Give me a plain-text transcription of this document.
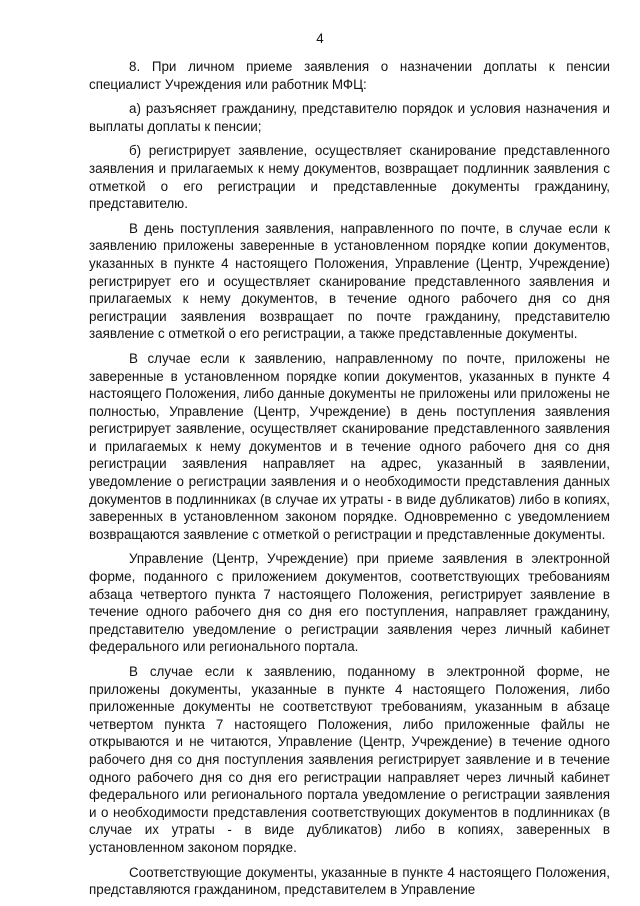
4

8. При личном приеме заявления о назначении доплаты к пенсии специалист Учреждения или работник МФЦ:

а) разъясняет гражданину, представителю порядок и условия назначения и выплаты доплаты к пенсии;

б) регистрирует заявление, осуществляет сканирование представленного заявления и прилагаемых к нему документов, возвращает подлинник заявления с отметкой о его регистрации и представленные документы гражданину, представителю.

В день поступления заявления, направленного по почте, в случае если к заявлению приложены заверенные в установленном порядке копии документов, указанных в пункте 4 настоящего Положения, Управление (Центр, Учреждение) регистрирует его и осуществляет сканирование представленного заявления и прилагаемых к нему документов, в течение одного рабочего дня со дня регистрации заявления возвращает по почте гражданину, представителю заявление с отметкой о его регистрации, а также представленные документы.

В случае если к заявлению, направленному по почте, приложены не заверенные в установленном порядке копии документов, указанных в пункте 4 настоящего Положения, либо данные документы не приложены или приложены не полностью, Управление (Центр, Учреждение) в день поступления заявления регистрирует заявление, осуществляет сканирование представленного заявления и прилагаемых к нему документов и в течение одного рабочего дня со дня регистрации заявления направляет на адрес, указанный в заявлении, уведомление о регистрации заявления и о необходимости представления данных документов в подлинниках (в случае их утраты - в виде дубликатов) либо в копиях, заверенных в установленном законом порядке. Одновременно с уведомлением возвращаются заявление с отметкой о регистрации и представленные документы.

Управление (Центр, Учреждение) при приеме заявления в электронной форме, поданного с приложением документов, соответствующих требованиям абзаца четвертого пункта 7 настоящего Положения, регистрирует заявление в течение одного рабочего дня со дня его поступления, направляет гражданину, представителю уведомление о регистрации заявления через личный кабинет федерального или регионального портала.

В случае если к заявлению, поданному в электронной форме, не приложены документы, указанные в пункте 4 настоящего Положения, либо приложенные документы не соответствуют требованиям, указанным в абзаце четвертом пункта 7 настоящего Положения, либо приложенные файлы не открываются и не читаются, Управление (Центр, Учреждение) в течение одного рабочего дня со дня поступления заявления регистрирует заявление и в течение одного рабочего дня со дня его регистрации направляет через личный кабинет федерального или регионального портала уведомление о регистрации заявления и о необходимости представления соответствующих документов в подлинниках (в случае их утраты - в виде дубликатов) либо в копиях, заверенных в установленном законом порядке.

Соответствующие документы, указанные в пункте 4 настоящего Положения, представляются гражданином, представителем в Управление
